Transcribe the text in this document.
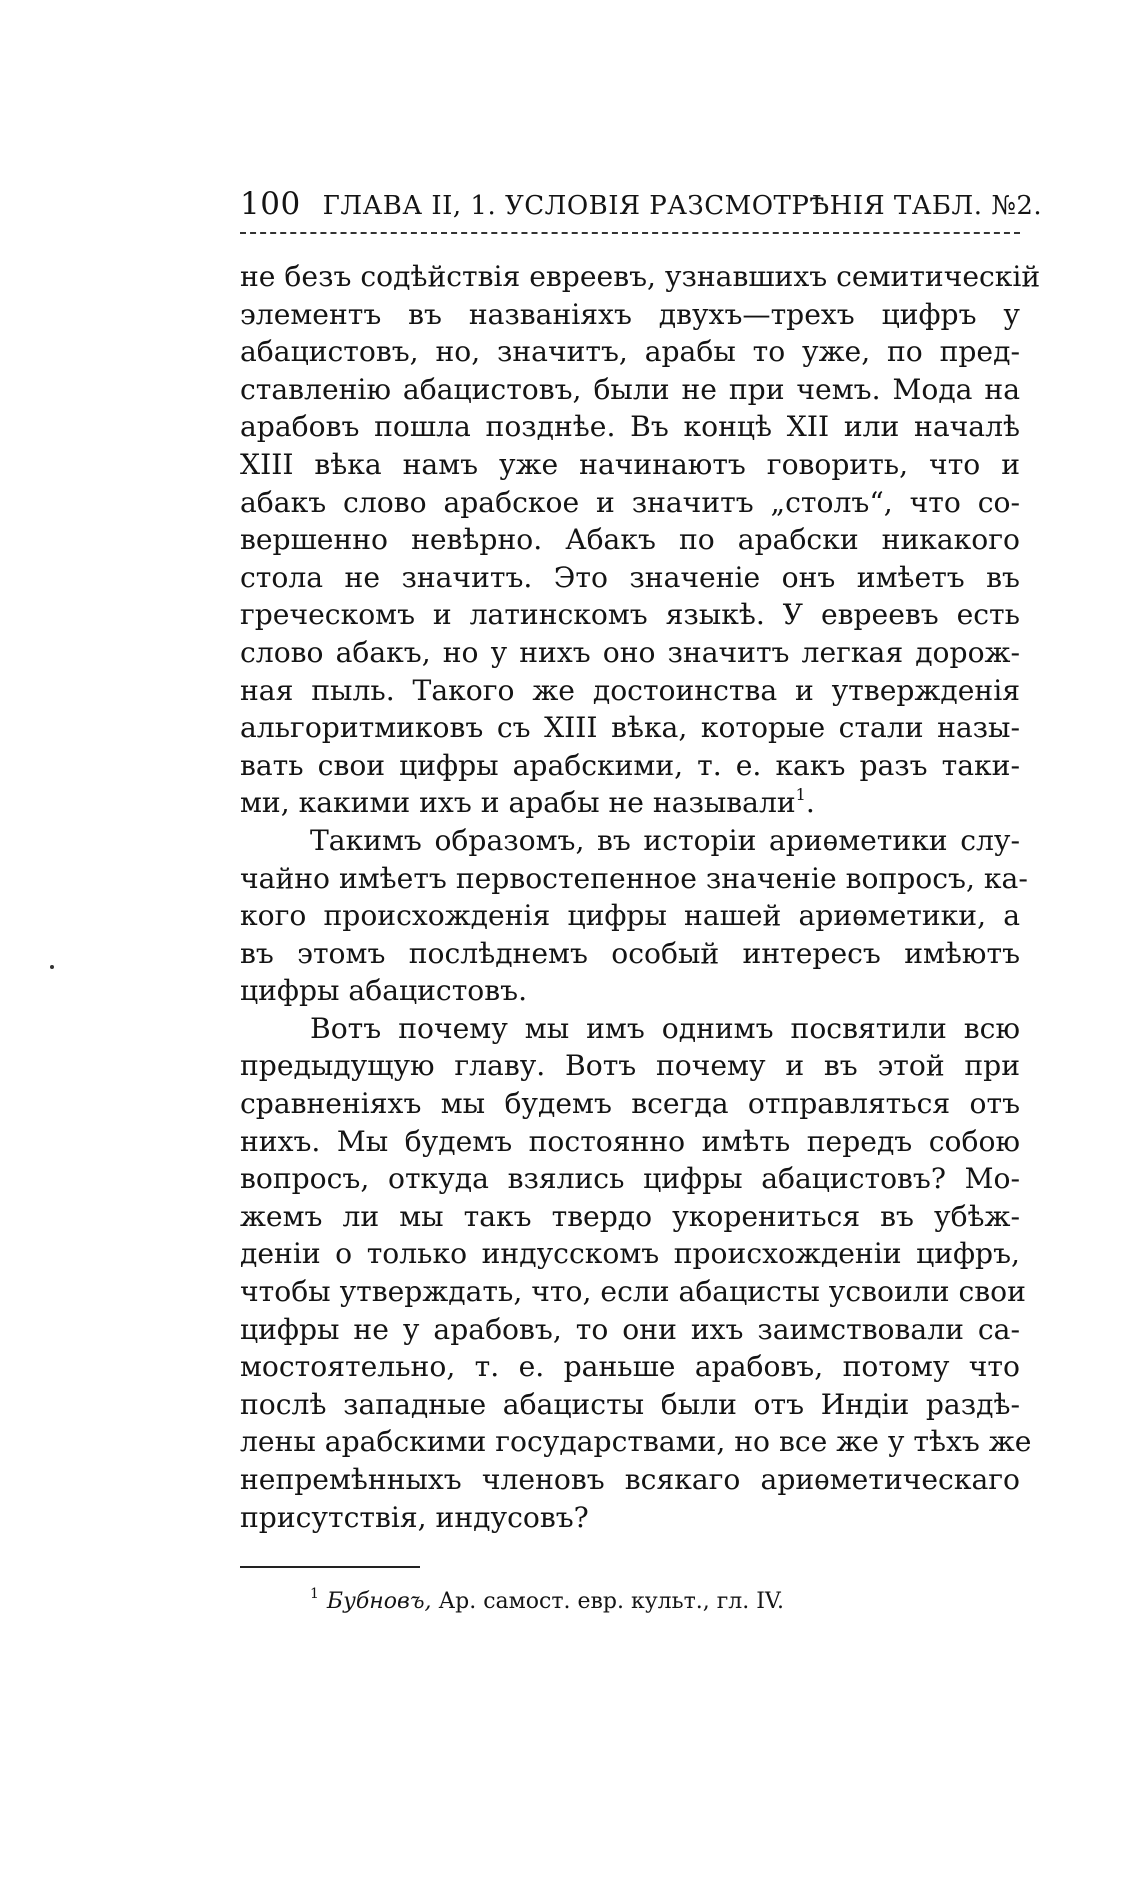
100 ГЛАВА II, 1. УСЛОВІЯ РАЗСМОТРѢНІЯ ТАБЛ. №2.
не безъ содѣйствія евреевъ, узнавшихъ семитическій
элементъ въ названіяхъ двухъ—трехъ цифръ у
абацистовъ, но, значитъ, арабы то уже, по пред-
ставленію абацистовъ, были не при чемъ. Мода на
арабовъ пошла позднѣе. Въ концѣ XII или началѣ
XIII вѣка намъ уже начинаютъ говорить, что и
абакъ слово арабское и значитъ „столъ“, что со-
вершенно невѣрно. Абакъ по арабски никакого
стола не значитъ. Это значеніе онъ имѣетъ въ
греческомъ и латинскомъ языкѣ. У евреевъ есть
слово абакъ, но у нихъ оно значитъ легкая дорож-
ная пыль. Такого же достоинства и утвержденія
альгоритмиковъ съ XIII вѣка, которые стали назы-
вать свои цифры арабскими, т. е. какъ разъ таки-
ми, какими ихъ и арабы не называли$^1$.
Такимъ образомъ, въ исторіи ариѳметики слу-
чайно имѣетъ первостепенное значеніе вопросъ, ка-
кого происхожденія цифры нашей ариѳметики, а
въ этомъ послѣднемъ особый интересъ имѣютъ
цифры абацистовъ.
Вотъ почему мы имъ однимъ посвятили всю
предыдущую главу. Вотъ почему и въ этой при
сравненіяхъ мы будемъ всегда отправляться отъ
нихъ. Мы будемъ постоянно имѣть передъ собою
вопросъ, откуда взялись цифры абацистовъ? Мо-
жемъ ли мы такъ твердо укорениться въ убѣж-
деніи о только индусскомъ происхожденіи цифръ,
чтобы утверждать, что, если абацисты усвоили свои
цифры не у арабовъ, то они ихъ заимствовали са-
мостоятельно, т. е. раньше арабовъ, потому что
послѣ западные абацисты были отъ Индіи раздѣ-
лены арабскими государствами, но все же у тѣхъ же
непремѣнныхъ членовъ всякаго ариѳметическаго
присутствія, индусовъ?
$^1$ Бубновъ, Ар. самост. евр. культ., гл. IV.
